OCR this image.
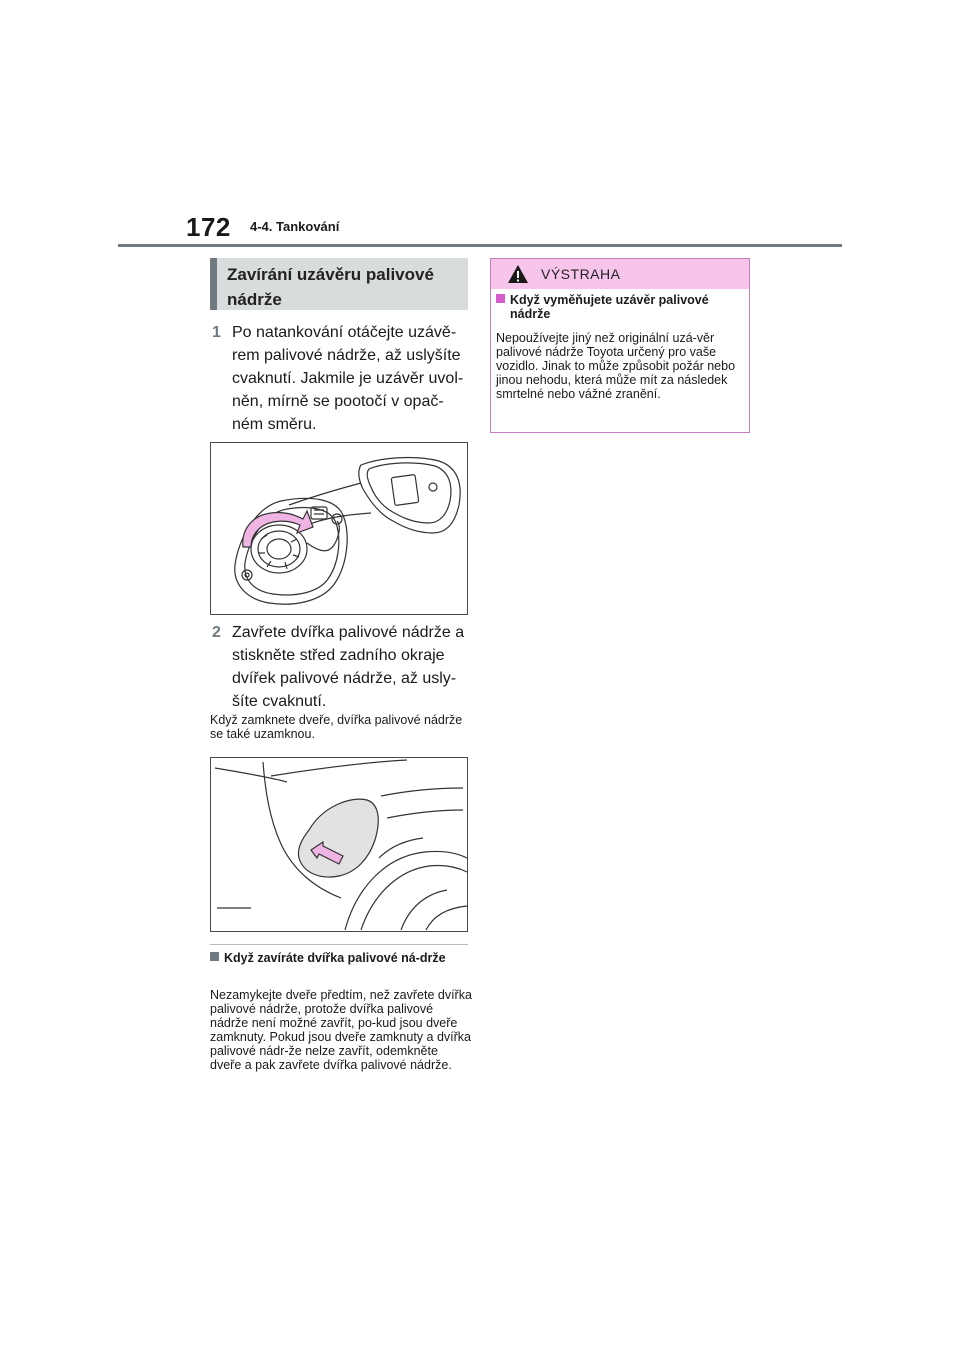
172 4-4. Tankování
Zavírání uzávěru palivové nádrže
1 Po natankování otáčejte uzávě-rem palivové nádrže, až uslyšíte cvaknutí. Jakmile je uzávěr uvol-něn, mírně se pootočí v opač-ném směru.
2 Zavřete dvířka palivové nádrže a stiskněte střed zadního okraje dvířek palivové nádrže, až usly-šíte cvaknutí.
Když zamknete dveře, dvířka palivové nádrže se také uzamknou.
Když zavíráte dvířka palivové ná-drže
Nezamykejte dveře předtím, než zavřete dvířka palivové nádrže, protože dvířka palivové nádrže není možné zavřít, po-kud jsou dveře zamknuty. Pokud jsou dveře zamknuty a dvířka palivové nádr-že nelze zavřít, odemkněte dveře a pak zavřete dvířka palivové nádrže.
VÝSTRAHA
Když vyměňujete uzávěr palivové nádrže
Nepoužívejte jiný než originální uzá-věr palivové nádrže Toyota určený pro vaše vozidlo. Jinak to může způsobit požár nebo jinou nehodu, která může mít za následek smrtelné nebo vážné zranění.
